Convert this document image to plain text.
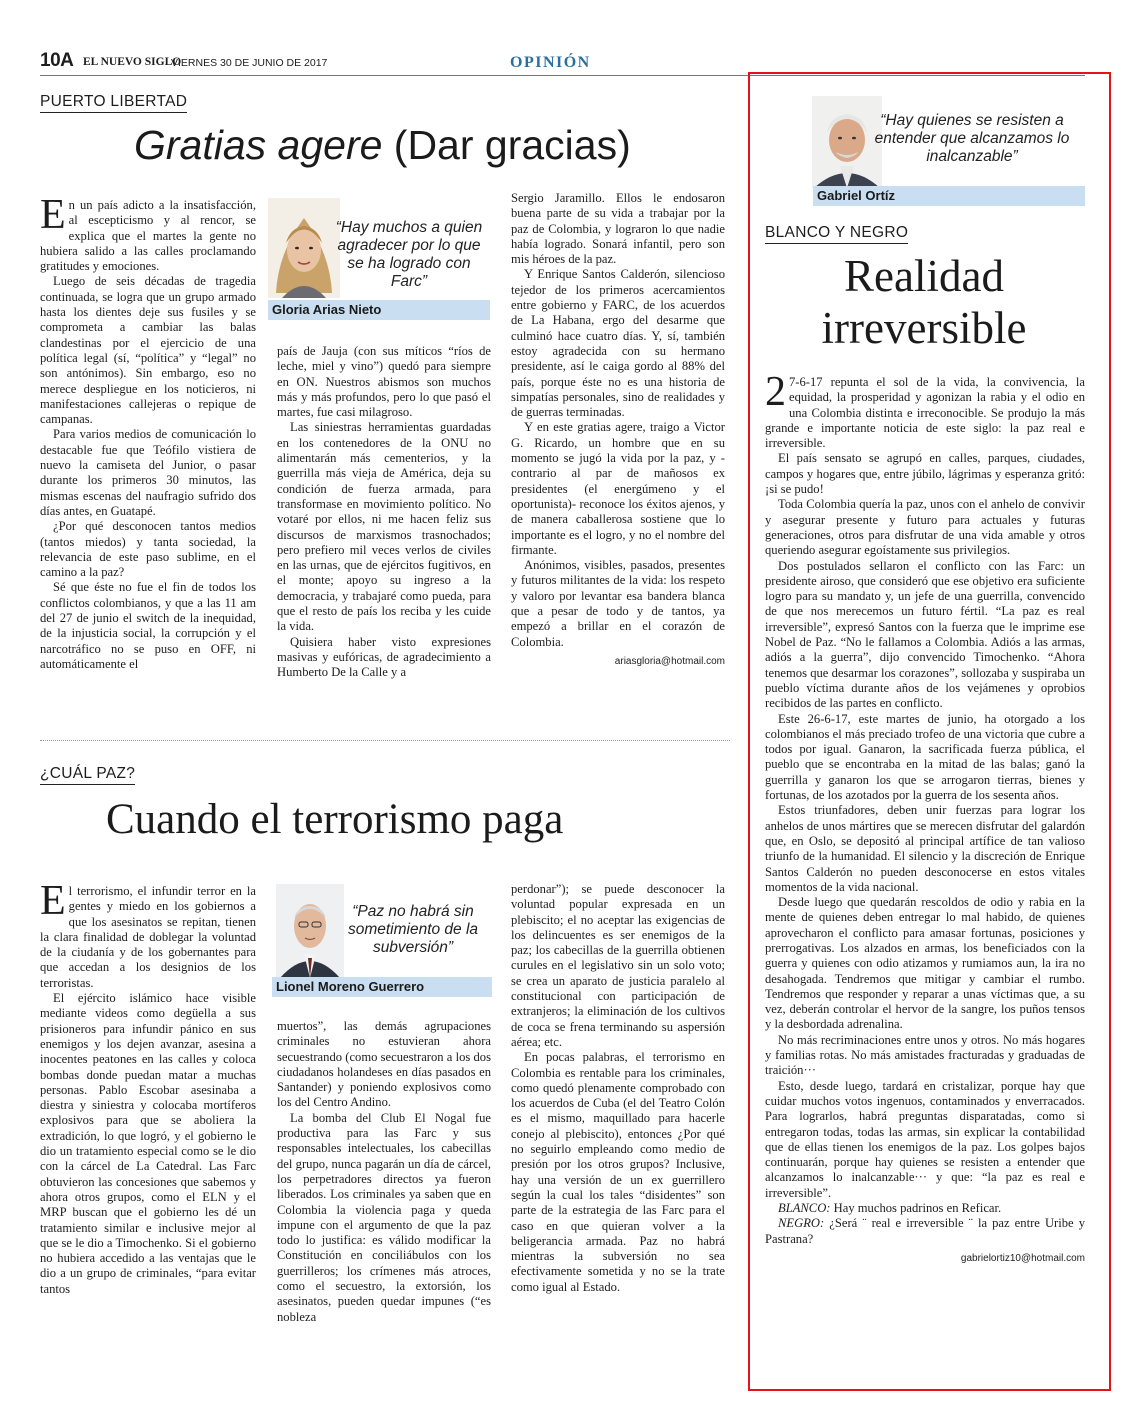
10A EL NUEVO SIGLO
VIERNES 30 DE JUNIO DE 2017	OPINIÓN
PUERTO LIBERTAD
Gratias agere (Dar gracias)

En un país adicto a la insatisfacción, al escepticismo y al rencor, se explica que el martes la gente no hubiera salido a las calles proclamando gratitudes y emociones.

Luego de seis décadas de tragedia continuada, se logra que un grupo armado hasta los dientes deje sus fusiles y se comprometa a cambiar las balas clandestinas por el ejercicio de una política legal (sí, “política” y “legal” no son antónimos). Sin embargo, eso no merece despliegue en los noticieros, ni manifestaciones callejeras o repique de campanas.

Para varios medios de comunicación lo destacable fue que Teófilo vistiera de nuevo la camiseta del Junior, o pasar durante los primeros 30 minutos, las mismas escenas del naufragio sufrido dos días antes, en Guatapé.

¿Por qué desconocen tantos medios (tantos miedos) y tanta sociedad, la relevancia de este paso sublime, en el camino a la paz?

Sé que éste no fue el fin de todos los conflictos colombianos, y que a las 11 am del 27 de junio el switch de la inequidad, de la injusticia social, la corrupción y el narcotráfico no se puso en OFF, ni automáticamente el

“Hay muchos a quien agradecer por lo que se ha logrado con Farc”
Gloria Arias Nieto

país de Jauja (con sus míticos “ríos de leche, miel y vino”) quedó para siempre en ON. Nuestros abismos son muchos más y más profundos, pero lo que pasó el martes, fue casi milagroso.

Las siniestras herramientas guardadas en los contenedores de la ONU no alimentarán más cementerios, y la guerrilla más vieja de América, deja su condición de fuerza armada, para transformase en movimiento político. No votaré por ellos, ni me hacen feliz sus discursos de marxismos trasnochados; pero prefiero mil veces verlos de civiles en las urnas, que de ejércitos fugitivos, en el monte; apoyo su ingreso a la democracia, y trabajaré como pueda, para que el resto de país los reciba y les cuide la vida.

Quisiera haber visto expresiones masivas y eufóricas, de agradecimiento a Humberto De la Calle y a

Sergio Jaramillo. Ellos le endosaron buena parte de su vida a trabajar por la paz de Colombia, y lograron lo que nadie había logrado. Sonará infantil, pero son mis héroes de la paz.

Y Enrique Santos Calderón, silencioso tejedor de los primeros acercamientos entre gobierno y FARC, de los acuerdos de La Habana, ergo del desarme que culminó hace cuatro días. Y, sí, también estoy agradecida con su hermano presidente, así le caiga gordo al 88% del país, porque éste no es una historia de simpatías personales, sino de realidades y de guerras terminadas.

Y en este gratias agere, traigo a Victor G. Ricardo, un hombre que en su momento se jugó la vida por la paz, y -contrario al par de mañosos ex presidentes (el energúmeno y el oportunista)- reconoce los éxitos ajenos, y de manera caballerosa sostiene que lo importante es el logro, y no el nombre del firmante.

Anónimos, visibles, pasados, presentes y futuros militantes de la vida: los respeto y valoro por levantar esa bandera blanca que a pesar de todo y de tantos, ya empezó a brillar en el corazón de Colombia.

ariasgloria@hotmail.com
¿CUÁL PAZ?
Cuando el terrorismo paga

El terrorismo, el infundir terror en la gentes y miedo en los gobiernos a que los asesinatos se repitan, tienen la clara finalidad de doblegar la voluntad de la ciudanía y de los gobernantes para que accedan a los designios de los terroristas.

El ejército islámico hace visible mediante videos como degüella a sus prisioneros para infundir pánico en sus enemigos y los dejen avanzar, asesina a inocentes peatones en las calles y coloca bombas donde puedan matar a muchas personas. Pablo Escobar asesinaba a diestra y siniestra y colocaba mortíferos explosivos para que se aboliera la extradición, lo que logró, y el gobierno le dio un tratamiento especial como se le dio con la cárcel de La Catedral. Las Farc obtuvieron las concesiones que sabemos y ahora otros grupos, como el ELN y el MRP buscan que el gobierno les dé un tratamiento similar e inclusive mejor al que se le dio a Timochenko. Si el gobierno no hubiera accedido a las ventajas que le dio a un grupo de criminales, “para evitar tantos

“Paz no habrá sin sometimiento de la subversión”
Lionel Moreno Guerrero

muertos”, las demás agrupaciones criminales no estuvieran ahora secuestrando (como secuestraron a los dos ciudadanos holandeses en días pasados en Santander) y poniendo explosivos como los del Centro Andino.

La bomba del Club El Nogal fue productiva para las Farc y sus responsables intelectuales, los cabecillas del grupo, nunca pagarán un día de cárcel, los perpetradores directos ya fueron liberados. Los criminales ya saben que en Colombia la violencia paga y queda impune con el argumento de que la paz todo lo justifica: es válido modificar la Constitución en conciliábulos con los guerrilleros; los crímenes más atroces, como el secuestro, la extorsión, los asesinatos, pueden quedar impunes (“es nobleza

perdonar”); se puede desconocer la voluntad popular expresada en un plebiscito; el no aceptar las exigencias de los delincuentes es ser enemigos de la paz; los cabecillas de la guerrilla obtienen curules en el legislativo sin un solo voto; se crea un aparato de justicia paralelo al constitucional con participación de extranjeros; la eliminación de los cultivos de coca se frena terminando su aspersión aérea; etc.

En pocas palabras, el terrorismo en Colombia es rentable para los criminales, como quedó plenamente comprobado con los acuerdos de Cuba (el del Teatro Colón es el mismo, maquillado para hacerle conejo al plebiscito), entonces ¿Por qué no seguirlo empleando como medio de presión por los otros grupos? Inclusive, hay una versión de un ex guerrillero según la cual los tales “disidentes” son parte de la estrategia de las Farc para el caso en que quieran volver a la beligerancia armada. Paz no habrá mientras la subversión no sea efectivamente sometida y no se la trate como igual al Estado.

“Hay quienes se resisten a entender que alcanzamos lo inalcanzable”
Gabriel Ortíz
BLANCO Y NEGRO
Realidad
irreversible

2 7-6-17 repunta el sol de la vida, la convivencia, la equidad, la prosperidad y agonizan la rabia y el odio en una Colombia distinta e irreconocible. Se produjo la más grande e importante noticia de este siglo: la paz real e irreversible.

El país sensato se agrupó en calles, parques, ciudades, campos y hogares que, entre júbilo, lágrimas y esperanza gritó: ¡si se pudo!

Toda Colombia quería la paz, unos con el anhelo de convivir y asegurar presente y futuro para actuales y futuras generaciones, otros para disfrutar de una vida amable y otros queriendo asegurar egoístamente sus privilegios.

Dos postulados sellaron el conflicto con las Farc: un presidente airoso, que consideró que ese objetivo era suficiente logro para su mandato y, un jefe de una guerrilla, convencido de que nos merecemos un futuro fértil. “La paz es real irreversible”, expresó Santos con la fuerza que le imprime ese Nobel de Paz. “No le fallamos a Colombia. Adiós a las armas, adiós a la guerra”, dijo convencido Timochenko. “Ahora tenemos que desarmar los corazones”, sollozaba y suspiraba un pueblo víctima durante años de los vejámenes y oprobios recibidos de las partes en conflicto.

Este 26-6-17, este martes de junio, ha otorgado a los colombianos el más preciado trofeo de una victoria que cubre a todos por igual. Ganaron, la sacrificada fuerza pública, el pueblo que se encontraba en la mitad de las balas; ganó la guerrilla y ganaron los que se arrogaron tierras, bienes y fortunas, de los azotados por la guerra de los sesenta años.

Estos triunfadores, deben unir fuerzas para lograr los anhelos de unos mártires que se merecen disfrutar del galardón que, en Oslo, se depositó al principal artífice de tan valioso triunfo de la humanidad. El silencio y la discreción de Enrique Santos Calderón no pueden desconocerse en estos vitales momentos de la vida nacional.

Desde luego que quedarán rescoldos de odio y rabia en la mente de quienes deben entregar lo mal habido, de quienes aprovecharon el conflicto para amasar fortunas, posiciones y prerrogativas. Los alzados en armas, los beneficiados con la guerra y quienes con odio atizamos y rumiamos aun, la ira no desahogada. Tendremos que mitigar y cambiar el rumbo. Tendremos que responder y reparar a unas víctimas que, a su vez, deberán controlar el hervor de la sangre, los puños tensos y la desbordada adrenalina.

No más recriminaciones entre unos y otros. No más hogares y familias rotas. No más amistades fracturadas y graduadas de traición···

Esto, desde luego, tardará en cristalizar, porque hay que cuidar muchos votos ingenuos, contaminados y enverracados. Para lograrlos, habrá preguntas disparatadas, como si entregaron todas, todas las armas, sin explicar la contabilidad que de ellas tienen los enemigos de la paz. Los golpes bajos continuarán, porque hay quienes se resisten a entender que alcanzamos lo inalcanzable··· y que: “la paz es real e irreversible”.

BLANCO: Hay muchos padrinos en Reficar.

NEGRO: ¿Será ¨ real e irreversible ¨ la paz entre Uribe y Pastrana?

gabrielortiz10@hotmail.com
